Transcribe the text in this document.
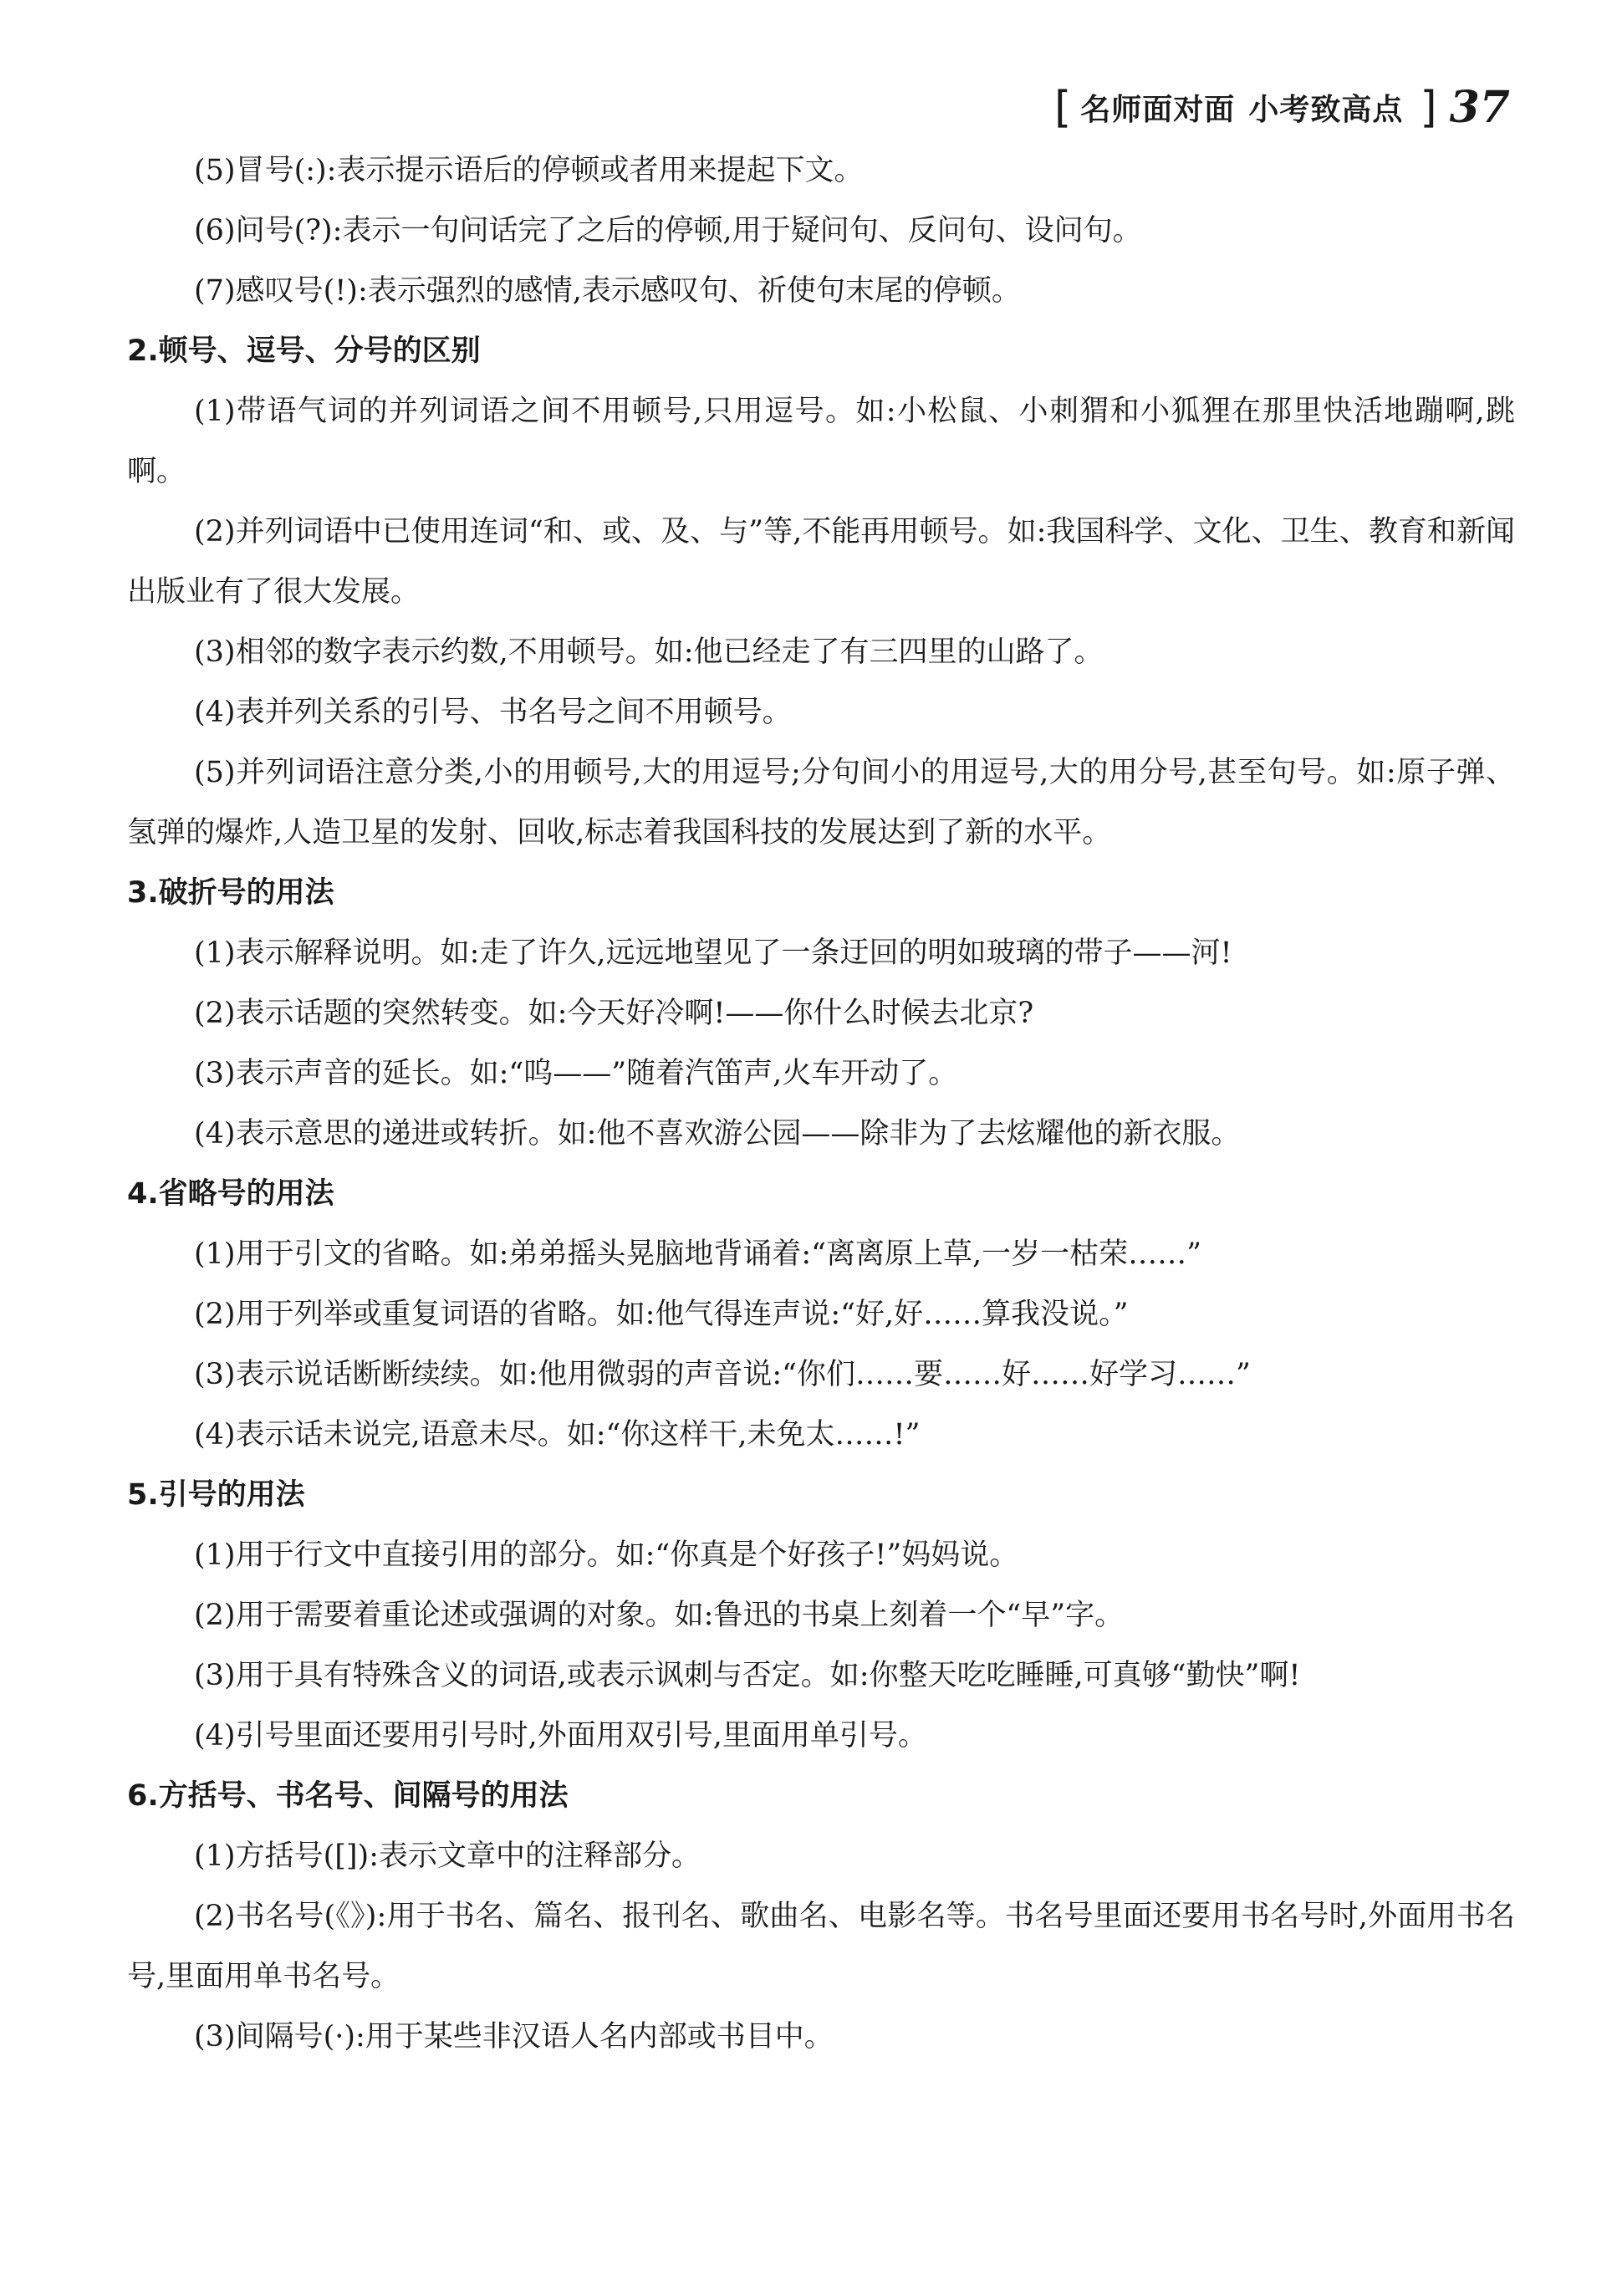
[ 名师面对面 小考致高点 ] 37

(5)冒号(:):表示提示语后的停顿或者用来提起下文。

(6)问号(?):表示一句问话完了之后的停顿,用于疑问句、反问句、设问句。

(7)感叹号(!):表示强烈的感情,表示感叹句、祈使句末尾的停顿。

2.顿号、逗号、分号的区别

(1)带语气词的并列词语之间不用顿号,只用逗号。如:小松鼠、小刺猬和小狐狸在那里快活地蹦啊,跳啊。

(2)并列词语中已使用连词“和、或、及、与”等,不能再用顿号。如:我国科学、文化、卫生、教育和新闻出版业有了很大发展。

(3)相邻的数字表示约数,不用顿号。如:他已经走了有三四里的山路了。

(4)表并列关系的引号、书名号之间不用顿号。

(5)并列词语注意分类,小的用顿号,大的用逗号;分句间小的用逗号,大的用分号,甚至句号。如:原子弹、氢弹的爆炸,人造卫星的发射、回收,标志着我国科技的发展达到了新的水平。

3.破折号的用法

(1)表示解释说明。如:走了许久,远远地望见了一条迂回的明如玻璃的带子——河!

(2)表示话题的突然转变。如:今天好冷啊!——你什么时候去北京?

(3)表示声音的延长。如:“呜——”随着汽笛声,火车开动了。

(4)表示意思的递进或转折。如:他不喜欢游公园——除非为了去炫耀他的新衣服。

4.省略号的用法

(1)用于引文的省略。如:弟弟摇头晃脑地背诵着:“离离原上草,一岁一枯荣……”

(2)用于列举或重复词语的省略。如:他气得连声说:“好,好……算我没说。”

(3)表示说话断断续续。如:他用微弱的声音说:“你们……要……好……好学习……”

(4)表示话未说完,语意未尽。如:“你这样干,未免太……!”

5.引号的用法

(1)用于行文中直接引用的部分。如:“你真是个好孩子!”妈妈说。

(2)用于需要着重论述或强调的对象。如:鲁迅的书桌上刻着一个“早”字。

(3)用于具有特殊含义的词语,或表示讽刺与否定。如:你整天吃吃睡睡,可真够“勤快”啊!

(4)引号里面还要用引号时,外面用双引号,里面用单引号。

6.方括号、书名号、间隔号的用法

(1)方括号([]):表示文章中的注释部分。

(2)书名号(《》):用于书名、篇名、报刊名、歌曲名、电影名等。书名号里面还要用书名号时,外面用书名号,里面用单书名号。

(3)间隔号(·):用于某些非汉语人名内部或书目中。
